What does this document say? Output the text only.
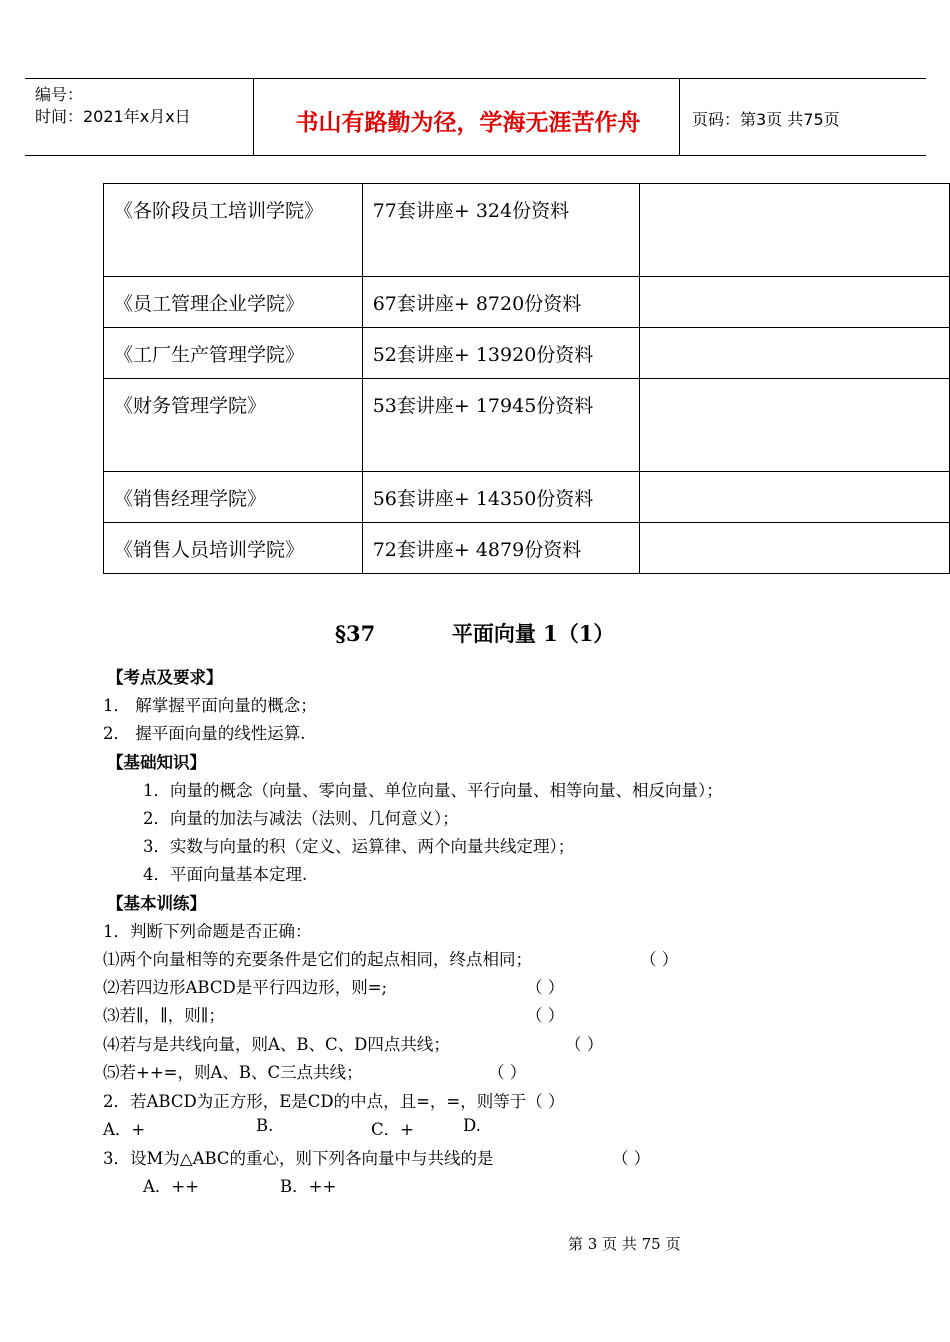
编号：
时间：2021年x月x日	书山有路勤为径，学海无涯苦作舟	页码：第3页 共75页
《各阶段员工培训学院》	77套讲座+ 324份资料	
《员工管理企业学院》	67套讲座+ 8720份资料	
《工厂生产管理学院》	52套讲座+ 13920份资料	
《财务管理学院》	53套讲座+ 17945份资料	
《销售经理学院》	56套讲座+ 14350份资料	
《销售人员培训学院》	72套讲座+ 4879份资料	
§37	平面向量 1（1）
【考点及要求】
1． 解掌握平面向量的概念；
2． 握平面向量的线性运算.
【基础知识】
1．向量的概念（向量、零向量、单位向量、平行向量、相等向量、相反向量）；
2．向量的加法与减法（法则、几何意义）；
3．实数与向量的积（定义、运算律、两个向量共线定理）；
4．平面向量基本定理.
【基本训练】
1．判断下列命题是否正确：
⑴两个向量相等的充要条件是它们的起点相同，终点相同；	（ ）
⑵若四边形ABCD是平行四边形，则=;	（ ）
⑶若∥，∥，则∥；	（ ）
⑷若与是共线向量，则A、B、C、D四点共线；	（ ）
⑸若++=，则A、B、C三点共线；	（ ）
2．若ABCD为正方形，E是CD的中点，且=，=，则等于（ ）
A．+	B.	C．+	D.
3．设M为△ABC的重心，则下列各向量中与共线的是	（ ）
A．++	B．++
第 3 页 共 75 页
